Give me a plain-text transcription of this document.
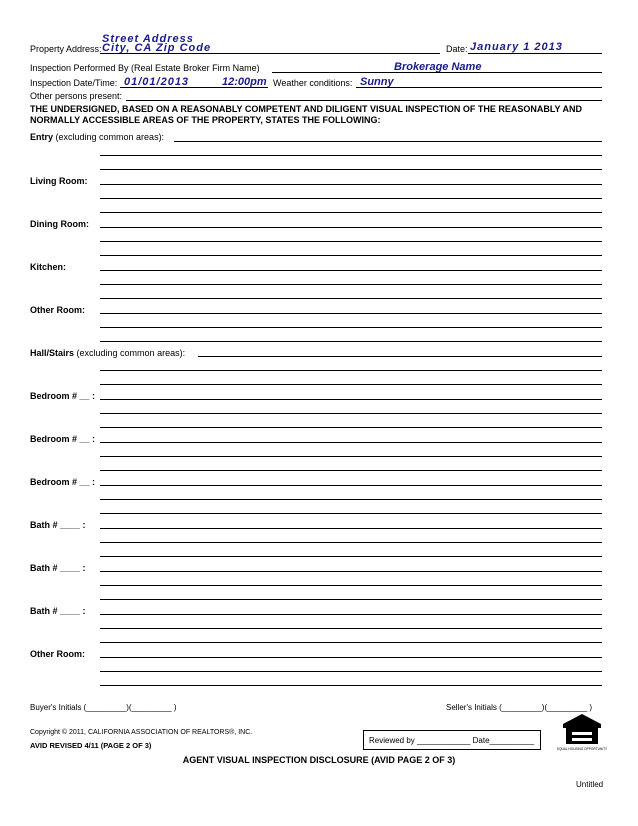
Street Address
Property Address: City, CA Zip Code	Date: January 1 2013
Inspection Performed By (Real Estate Broker Firm Name)	Brokerage Name
Inspection Date/Time: 01/01/2013	12:00pm Weather conditions: Sunny
Other persons present:
THE UNDERSIGNED, BASED ON A REASONABLY COMPETENT AND DILIGENT VISUAL INSPECTION OF THE REASONABLY AND NORMALLY ACCESSIBLE AREAS OF THE PROPERTY, STATES THE FOLLOWING:
Entry (excluding common areas):
Living Room:
Dining Room:
Kitchen:
Other Room:
Hall/Stairs (excluding common areas):
Bedroom # __ :
Bedroom # __ :
Bedroom # __ :
Bath # ____ :
Bath # ____ :
Bath # ____ :
Other Room:
Buyer's Initials (_________)(_________ )	Seller's Initials (_________)(_________ )
Copyright © 2011, CALIFORNIA ASSOCIATION OF REALTORS®, INC.
AVID REVISED 4/11 (PAGE 2 OF 3)
Reviewed by ____________ Date__________
EQUAL HOUSING OPPORTUNITY
AGENT VISUAL INSPECTION DISCLOSURE (AVID PAGE 2 OF 3)
Untitled
